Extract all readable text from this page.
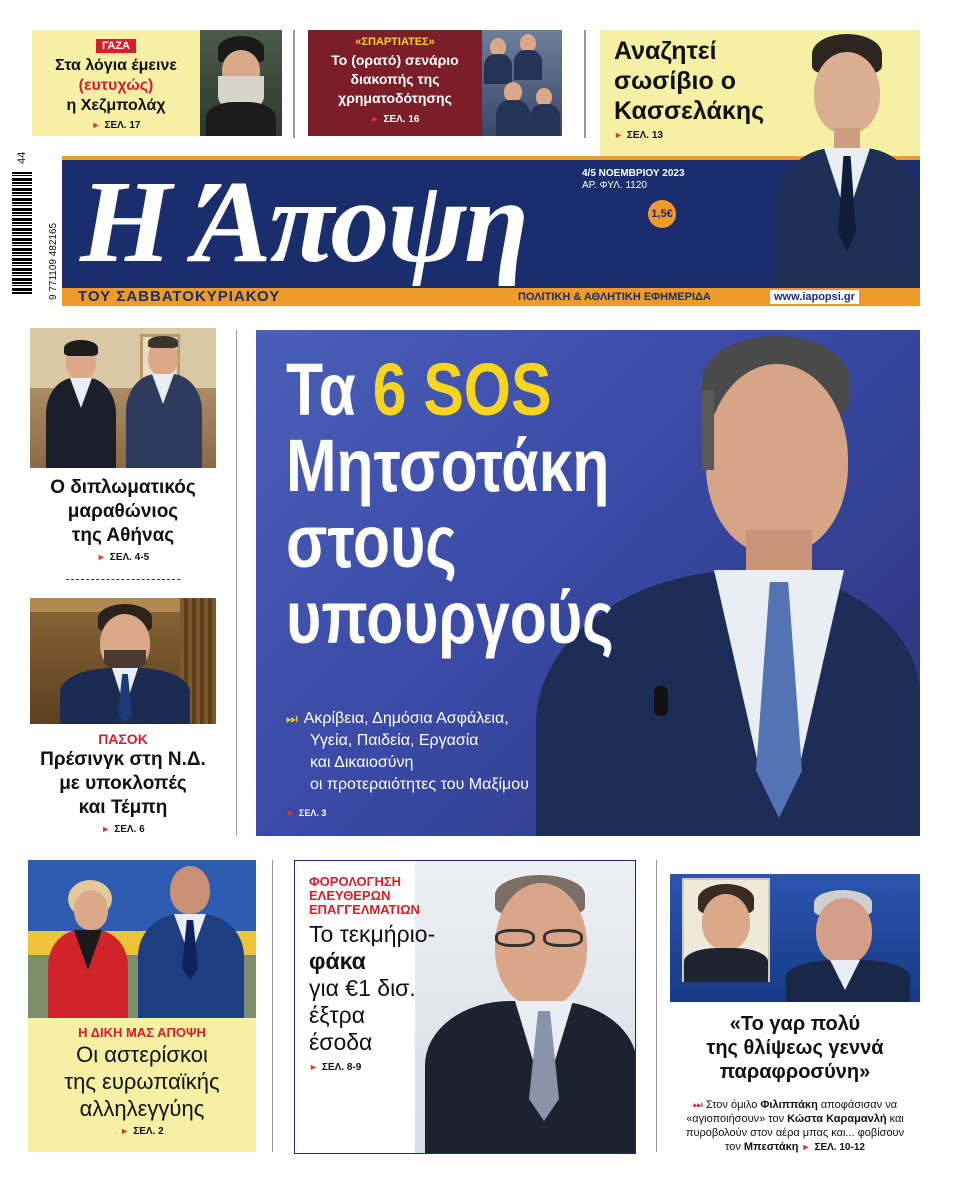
ΓΑΖΑ
Στα λόγια έμεινε
(ευτυχώς)
η Χεζμπολάχ
► ΣΕΛ. 17
«ΣΠΑΡΤΙΑΤΕΣ»
Το (ορατό) σενάριο
διακοπής της
χρηματοδότησης
► ΣΕΛ. 16
Αναζητεί
σωσίβιο ο
Κασσελάκης
► ΣΕΛ. 13
44
9 771109 482165 Η Άποψη	4/5 ΝΟΕΜΒΡΙΟΥ 2023
ΑΡ. ΦΥΛ. 1120
1,5€
ΤΟΥ ΣΑΒΒΑΤΟΚΥΡΙΑΚΟΥ	ΠΟΛΙΤΙΚΗ & ΑΘΛΗΤΙΚΗ ΕΦΗΜΕΡΙΔΑ	www.iapopsi.gr
Ο διπλωματικός
μαραθώνιος
της Αθήνας
► ΣΕΛ. 4-5
ΠΑΣΟΚ
Πρέσινγκ στη Ν.Δ.
με υποκλοπές
και Τέμπη
► ΣΕΛ. 6
Τα 6 SOS
Μητσοτάκη
στους
υπουργούς
⏭ Ακρίβεια, Δημόσια Ασφάλεια,
Υγεία, Παιδεία, Εργασία
και Δικαιοσύνη
οι προτεραιότητες του Μαξίμου
► ΣΕΛ. 3
Η ΔΙΚΗ ΜΑΣ ΑΠΟΨΗ
Οι αστερίσκοι
της ευρωπαϊκής
αλληλεγγύης
► ΣΕΛ. 2
ΦΟΡΟΛΟΓΗΣΗ
ΕΛΕΥΘΕΡΩΝ
ΕΠΑΓΓΕΛΜΑΤΙΩΝ
Το τεκμήριο-
φάκα
για €1 δισ.
έξτρα
έσοδα
► ΣΕΛ. 8-9
«Το γαρ πολύ
της θλίψεως γεννά
παραφροσύνη»
⏭ Στον όμιλο Φιλιππάκη αποφάσισαν να
«αγιοποιήσουν» τον Κώστα Καραμανλή και
πυροβολούν στον αέρα μπας και... φοβίσουν
τον Μπεστάκη ► ΣΕΛ. 10-12
